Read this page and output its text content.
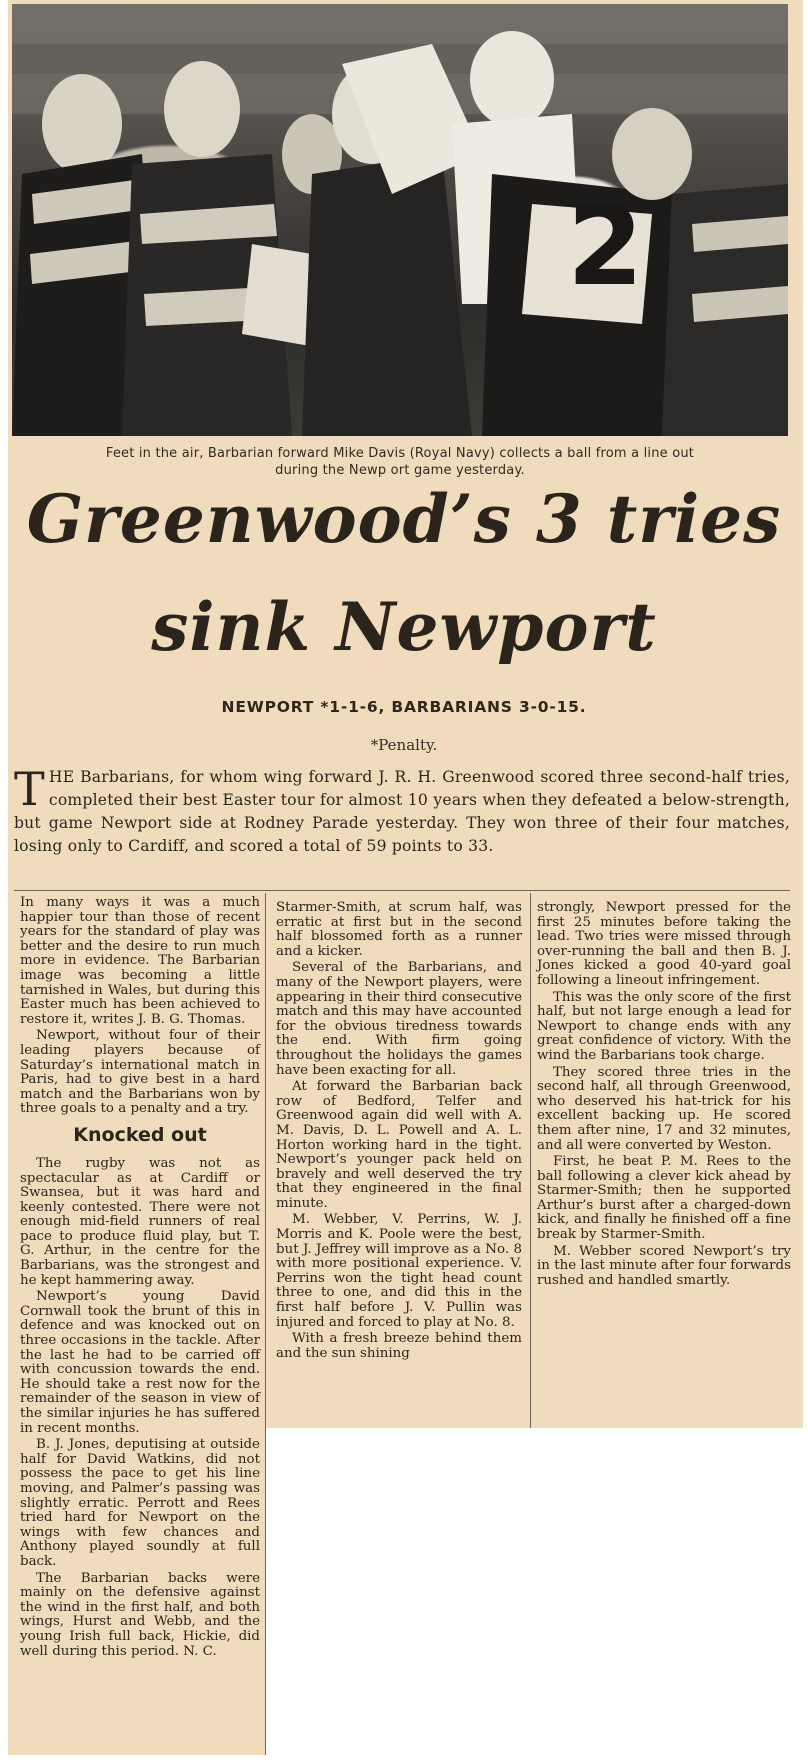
2
Feet in the air, Barbarian forward Mike Davis (Royal Navy) collects a ball from a line out
during the Newp ort game yesterday.
Greenwood’s 3 tries
sink Newport
NEWPORT *1-1-6, BARBARIANS 3-0-15.
*Penalty.
THE Barbarians, for whom wing forward J. R. H. Greenwood scored three second-half tries, completed their best Easter tour for almost 10 years when they defeated a below-strength, but game Newport side at Rodney Parade yesterday. They won three of their four matches, losing only to Cardiff, and scored a total of 59 points to 33.

In many ways it was a much happier tour than those of recent years for the standard of play was better and the desire to run much more in evidence. The Barbarian image was becoming a little tarnished in Wales, but during this Easter much has been achieved to restore it, writes J. B. G. Thomas.

Newport, without four of their leading players because of Saturday’s international match in Paris, had to give best in a hard match and the Barbarians won by three goals to a penalty and a try.

Knocked out

The rugby was not as spectacular as at Cardiff or Swansea, but it was hard and keenly contested. There were not enough mid-field runners of real pace to produce fluid play, but T. G. Arthur, in the centre for the Barbarians, was the strongest and he kept hammering away.

Newport’s young David Cornwall took the brunt of this in defence and was knocked out on three occasions in the tackle. After the last he had to be carried off with concussion towards the end. He should take a rest now for the remainder of the season in view of the similar injuries he has suffered in recent months.

B. J. Jones, deputising at outside half for David Watkins, did not possess the pace to get his line moving, and Palmer’s passing was slightly erratic. Perrott and Rees tried hard for Newport on the wings with few chances and Anthony played soundly at full back.

The Barbarian backs were mainly on the defensive against the wind in the first half, and both wings, Hurst and Webb, and the young Irish full back, Hickie, did well during this period. N. C.

Starmer-Smith, at scrum half, was erratic at first but in the second half blossomed forth as a runner and a kicker.

Several of the Barbarians, and many of the Newport players, were appearing in their third consecutive match and this may have accounted for the obvious tiredness towards the end. With firm going throughout the holidays the games have been exacting for all.

At forward the Barbarian back row of Bedford, Telfer and Greenwood again did well with A. M. Davis, D. L. Powell and A. L. Horton working hard in the tight. Newport’s younger pack held on bravely and well deserved the try that they engineered in the final minute.

M. Webber, V. Perrins, W. J. Morris and K. Poole were the best, but J. Jeffrey will improve as a No. 8 with more positional experience. V. Perrins won the tight head count three to one, and did this in the first half before J. V. Pullin was injured and forced to play at No. 8.

With a fresh breeze behind them and the sun shining

strongly, Newport pressed for the first 25 minutes before taking the lead. Two tries were missed through over-running the ball and then B. J. Jones kicked a good 40-yard goal following a lineout infringement.

This was the only score of the first half, but not large enough a lead for Newport to change ends with any great confidence of victory. With the wind the Barbarians took charge.

They scored three tries in the second half, all through Greenwood, who deserved his hat-trick for his excellent backing up. He scored them after nine, 17 and 32 minutes, and all were converted by Weston.

First, he beat P. M. Rees to the ball following a clever kick ahead by Starmer-Smith; then he supported Arthur’s burst after a charged-down kick, and finally he finished off a fine break by Starmer-Smith.

M. Webber scored Newport’s try in the last minute after four forwards rushed and handled smartly.
